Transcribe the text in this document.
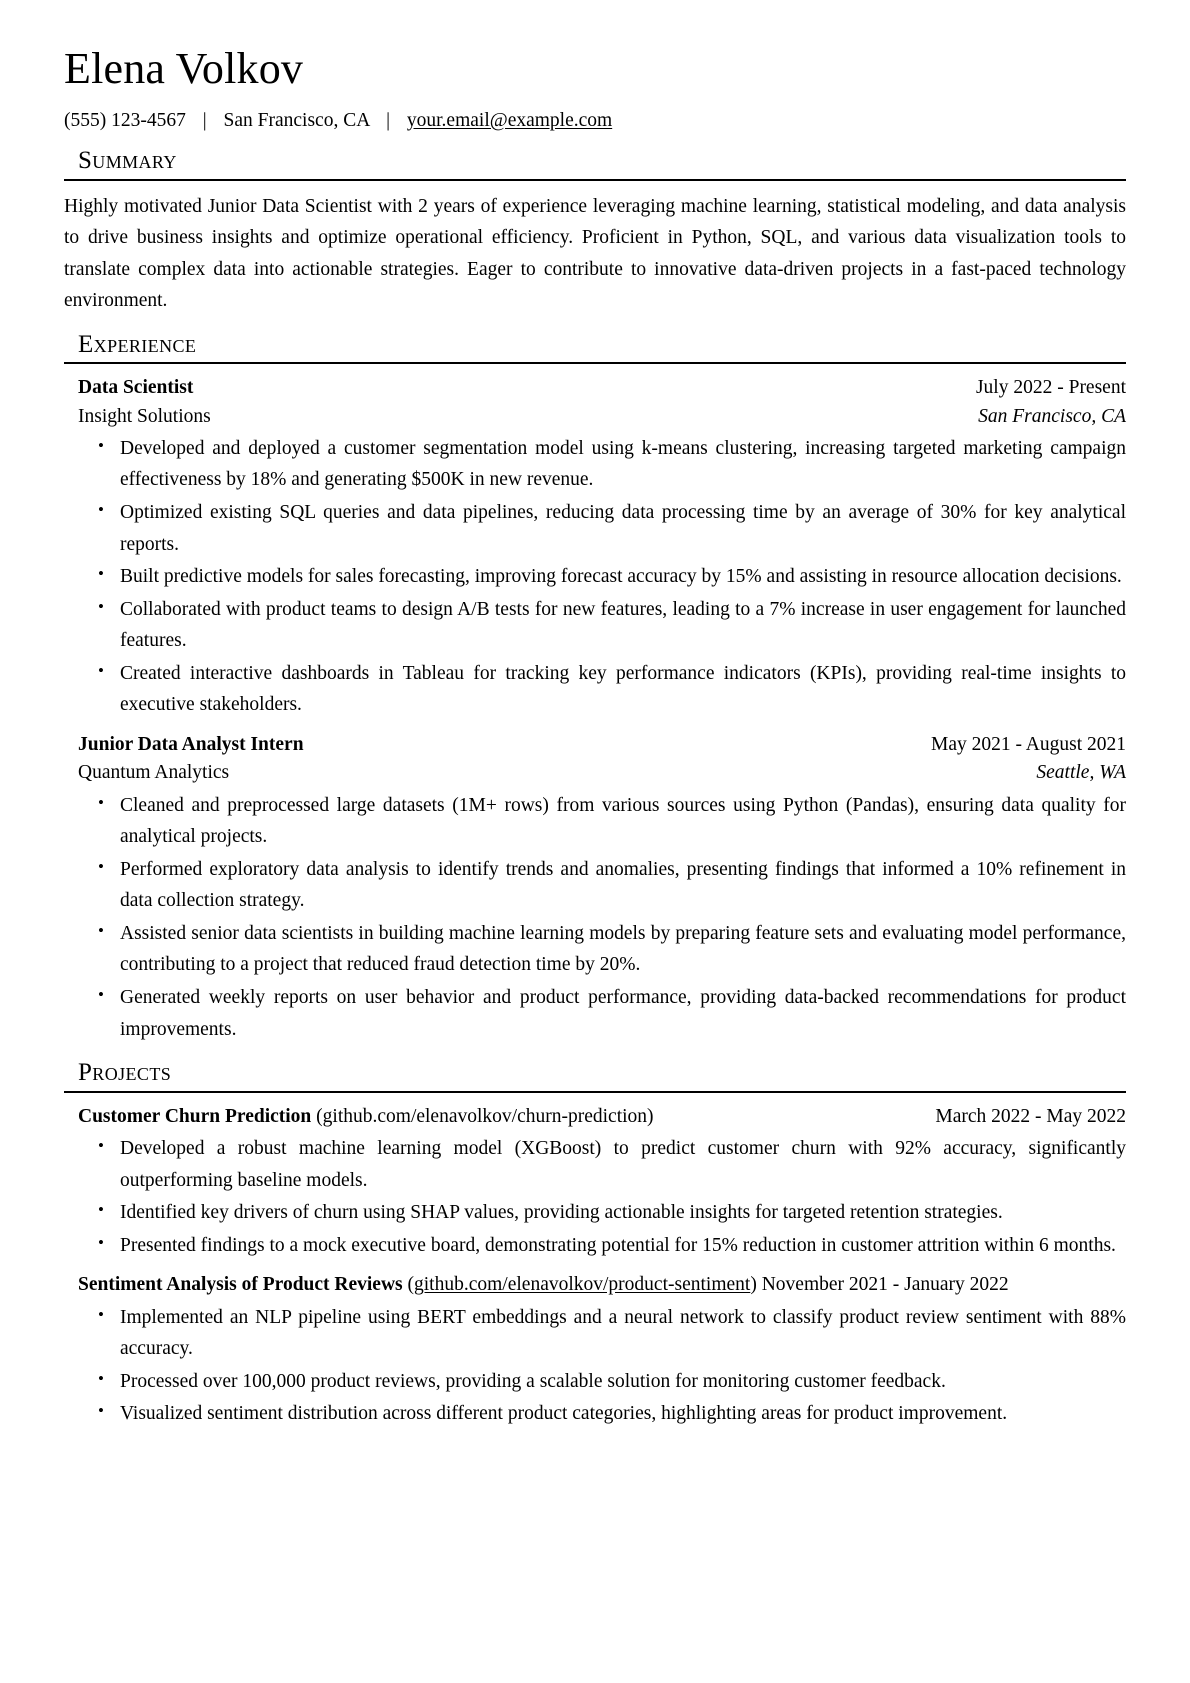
Elena Volkov
(555) 123-4567 | San Francisco, CA | your.email@example.com
Summary

Highly motivated Junior Data Scientist with 2 years of experience leveraging machine learning, statistical modeling, and data analysis to drive business insights and optimize operational efficiency. Proficient in Python, SQL, and various data visualization tools to translate complex data into actionable strategies. Eager to contribute to innovative data-driven projects in a fast-paced technology environment.

Experience
Data Scientist	July 2022 - Present
Insight Solutions	San Francisco, CA
• Developed and deployed a customer segmentation model using k-means clustering, increasing targeted marketing campaign effectiveness by 18% and generating $500K in new revenue.
• Optimized existing SQL queries and data pipelines, reducing data processing time by an average of 30% for key analytical reports.
• Built predictive models for sales forecasting, improving forecast accuracy by 15% and assisting in resource allocation decisions.
• Collaborated with product teams to design A/B tests for new features, leading to a 7% increase in user engagement for launched features.
• Created interactive dashboards in Tableau for tracking key performance indicators (KPIs), providing real-time insights to executive stakeholders.
Junior Data Analyst Intern	May 2021 - August 2021
Quantum Analytics	Seattle, WA
• Cleaned and preprocessed large datasets (1M+ rows) from various sources using Python (Pandas), ensuring data quality for analytical projects.
• Performed exploratory data analysis to identify trends and anomalies, presenting findings that informed a 10% refinement in data collection strategy.
• Assisted senior data scientists in building machine learning models by preparing feature sets and evaluating model performance, contributing to a project that reduced fraud detection time by 20%.
• Generated weekly reports on user behavior and product performance, providing data-backed recommendations for product improvements.
Projects
Customer Churn Prediction (github.com/elenavolkov/churn-prediction)	March 2022 - May 2022
• Developed a robust machine learning model (XGBoost) to predict customer churn with 92% accuracy, significantly outperforming baseline models.
• Identified key drivers of churn using SHAP values, providing actionable insights for targeted retention strategies.
• Presented findings to a mock executive board, demonstrating potential for 15% reduction in customer attrition within 6 months.
Sentiment Analysis of Product Reviews (github.com/elenavolkov/product-sentiment) November 2021 - January 2022
• Implemented an NLP pipeline using BERT embeddings and a neural network to classify product review sentiment with 88% accuracy.
• Processed over 100,000 product reviews, providing a scalable solution for monitoring customer feedback.
• Visualized sentiment distribution across different product categories, highlighting areas for product improvement.
